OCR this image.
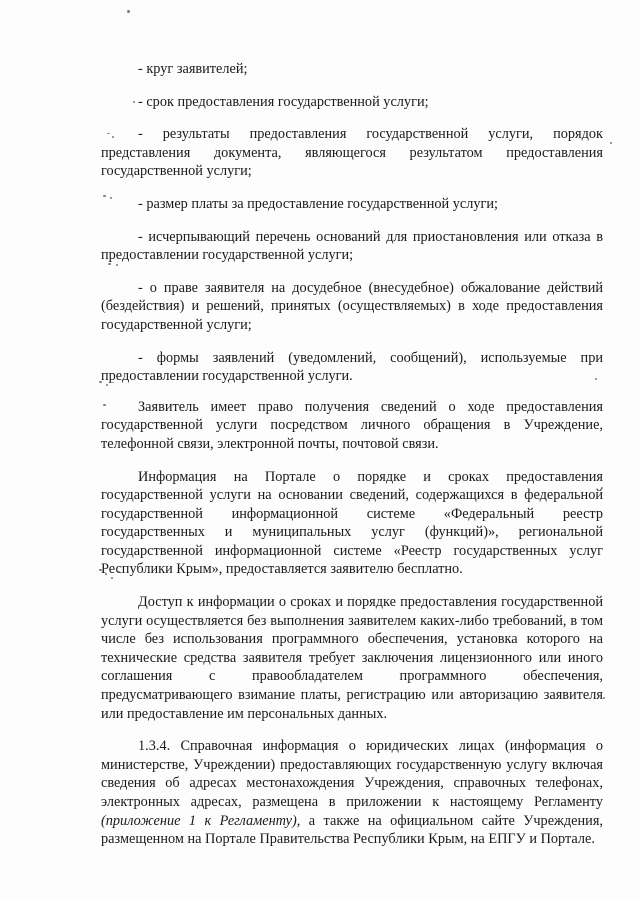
- круг заявителей;

- срок предоставления государственной услуги;

- результаты предоставления государственной услуги, порядок представления документа, являющегося результатом предоставления государственной услуги;

- размер платы за предоставление государственной услуги;

- исчерпывающий перечень оснований для приостановления или отказа в предоставлении государственной услуги;

- о праве заявителя на досудебное (внесудебное) обжалование действий (бездействия) и решений, принятых (осуществляемых) в ходе предоставления государственной услуги;

- формы заявлений (уведомлений, сообщений), используемые при предоставлении государственной услуги.

Заявитель имеет право получения сведений о ходе предоставления государственной услуги посредством личного обращения в Учреждение, телефонной связи, электронной почты, почтовой связи.

Информация на Портале о порядке и сроках предоставления государственной услуги на основании сведений, содержащихся в федеральной государственной информационной системе «Федеральный реестр государственных и муниципальных услуг (функций)», региональной государственной информационной системе «Реестр государственных услуг Республики Крым», предоставляется заявителю бесплатно.

Доступ к информации о сроках и порядке предоставления государственной услуги осуществляется без выполнения заявителем каких-либо требований, в том числе без использования программного обеспечения, установка которого на технические средства заявителя требует заключения лицензионного или иного соглашения с правообладателем программного обеспечения, предусматривающего взимание платы, регистрацию или авторизацию заявителя или предоставление им персональных данных.

1.3.4. Справочная информация о юридических лицах (информация о министерстве, Учреждении) предоставляющих государственную услугу включая сведения об адресах местонахождения Учреждения, справочных телефонах, электронных адресах, размещена в приложении к настоящему Регламенту (приложение 1 к Регламенту), а также на официальном сайте Учреждения, размещенном на Портале Правительства Республики Крым, на ЕПГУ и Портале.
